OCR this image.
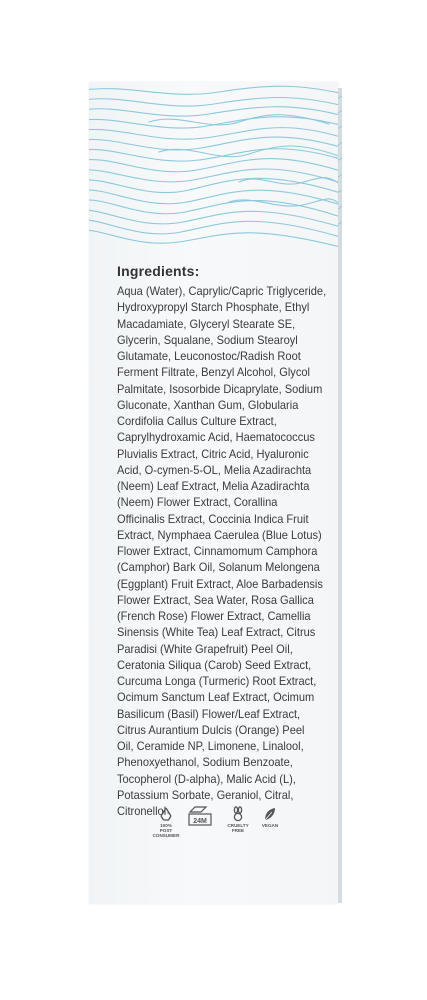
Ingredients:
Aqua (Water), Caprylic/Capric Triglyceride,
Hydroxypropyl Starch Phosphate, Ethyl
Macadamiate, Glyceryl Stearate SE,
Glycerin, Squalane, Sodium Stearoyl
Glutamate, Leuconostoc/Radish Root
Ferment Filtrate, Benzyl Alcohol, Glycol
Palmitate, Isosorbide Dicaprylate, Sodium
Gluconate, Xanthan Gum, Globularia
Cordifolia Callus Culture Extract,
Caprylhydroxamic Acid, Haematococcus
Pluvialis Extract, Citric Acid, Hyaluronic
Acid, O-cymen-5-OL, Melia Azadirachta
(Neem) Leaf Extract, Melia Azadirachta
(Neem) Flower Extract, Corallina
Officinalis Extract, Coccinia Indica Fruit
Extract, Nymphaea Caerulea (Blue Lotus)
Flower Extract, Cinnamomum Camphora
(Camphor) Bark Oil, Solanum Melongena
(Eggplant) Fruit Extract, Aloe Barbadensis
Flower Extract, Sea Water, Rosa Gallica
(French Rose) Flower Extract, Camellia
Sinensis (White Tea) Leaf Extract, Citrus
Paradisi (White Grapefruit) Peel Oil,
Ceratonia Siliqua (Carob) Seed Extract,
Curcuma Longa (Turmeric) Root Extract,
Ocimum Sanctum Leaf Extract, Ocimum
Basilicum (Basil) Flower/Leaf Extract,
Citrus Aurantium Dulcis (Orange) Peel
Oil, Ceramide NP, Limonene, Linalool,
Phenoxyethanol, Sodium Benzoate,
Tocopherol (D-alpha), Malic Acid (L),
Potassium Sorbate, Geraniol, Citral,
Citronellol
100%
POST CONSUMER
24M
CRUELTY
FREE
VEGAN
